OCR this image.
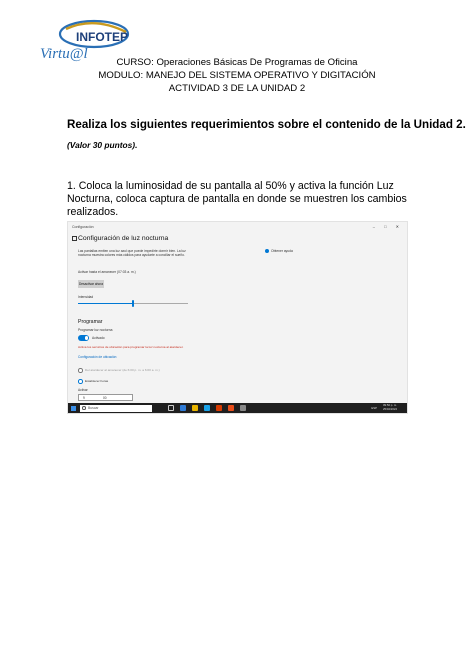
INFOTEP
Virtu@l
CURSO: Operaciones Básicas De Programas de Oficina
MODULO: MANEJO DEL SISTEMA OPERATIVO Y DIGITACIÓN
ACTIVIDAD 3 DE LA UNIDAD 2
Realiza los siguientes requerimientos sobre el contenido de la Unidad 2.
(Valor 30 puntos).
1. Coloca la luminosidad de su pantalla al 50% y activa la función Luz
Nocturna, coloca captura de pantalla en donde se muestren los cambios
realizados.
Configuración	– □ ✕
Configuración de luz nocturna
Las pantallas emiten una luz azul que puede impedirte dormir bien. La luz nocturna muestra colores más cálidos para ayudarte a conciliar el sueño.
Activar hasta el amanecer (07:03 a. m.)
Desactivar ahora
Intensidad
Programar
Programar luz nocturna
Activado
Activa los servicios de ubicación para programar la luz nocturna al atardecer.
Configuración de ubicación
Del atardecer al amanecer (de 6:00 p. m. a 6:00 a. m.)
Establecer horas
Activar
9	00
Obtener ayuda
Buscar	ESP
09:50 p. m.
25/02/2022
